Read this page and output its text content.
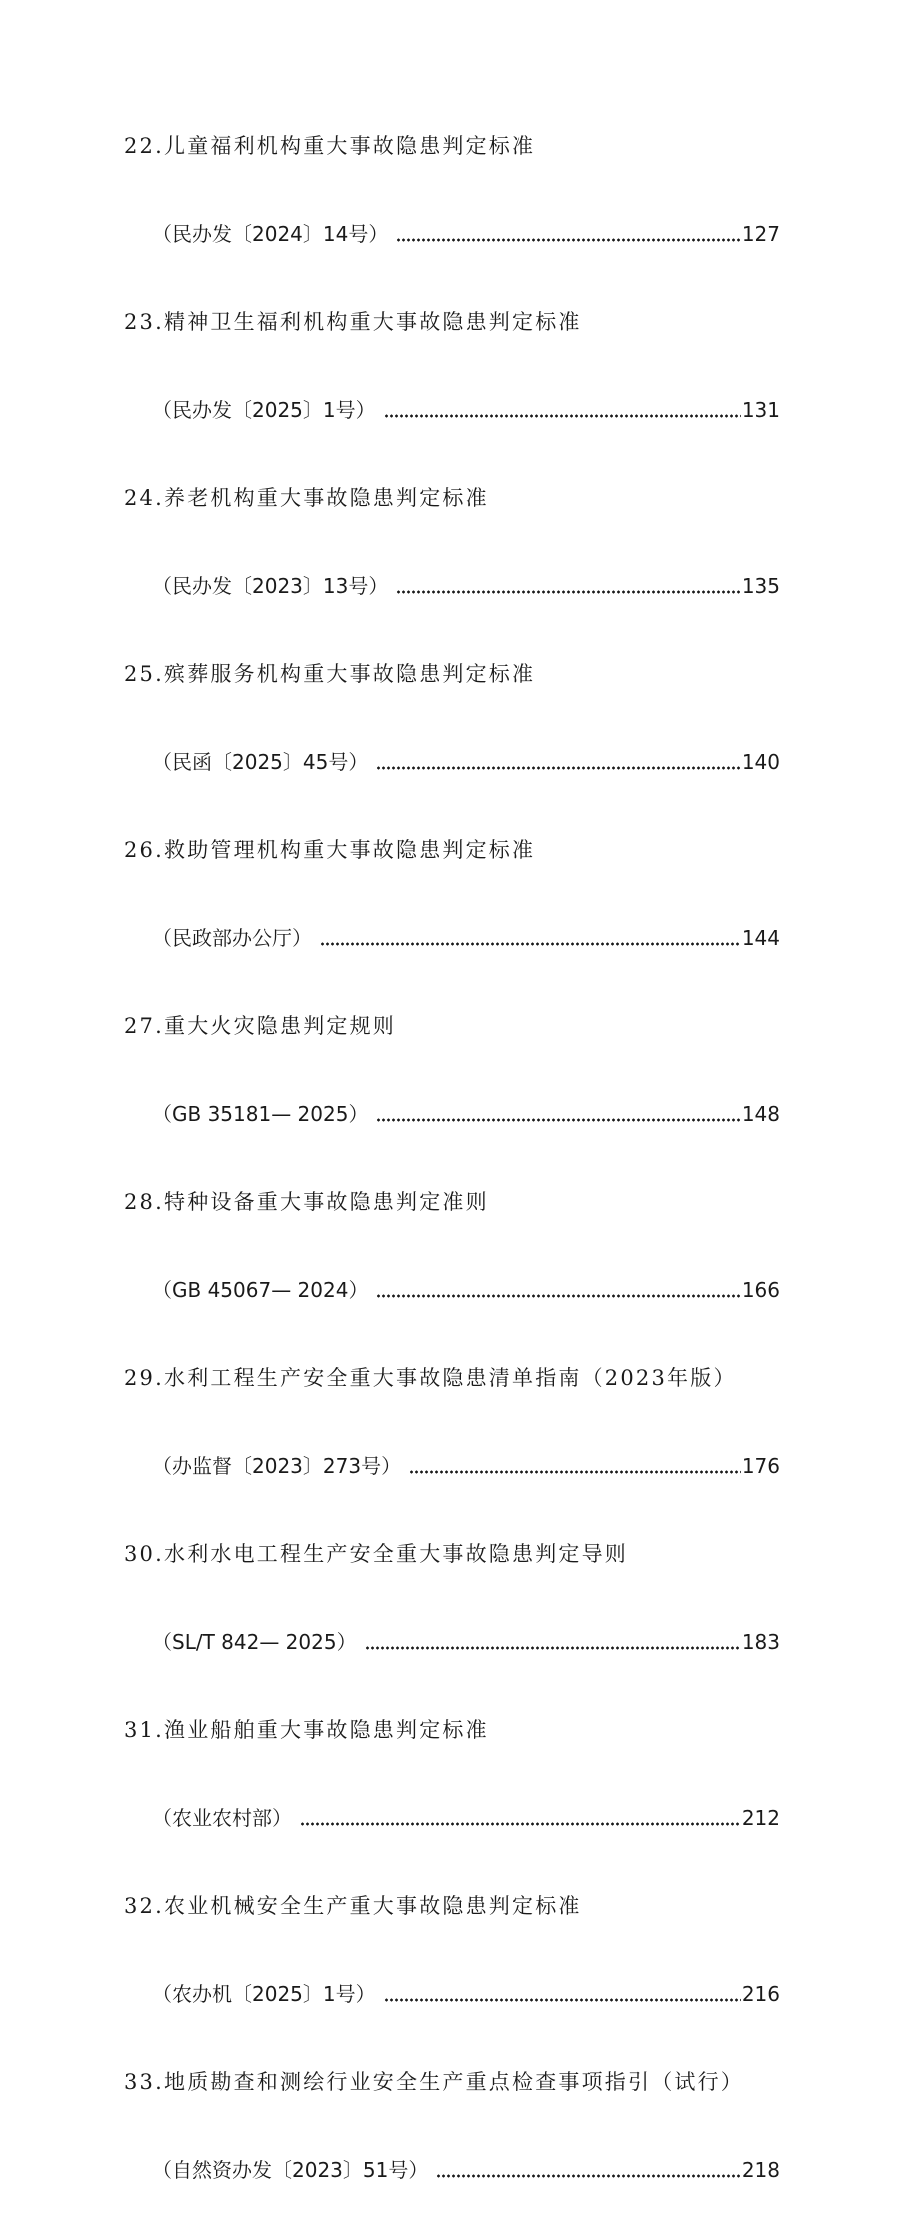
22.儿童福利机构重大事故隐患判定标准
（民办发〔2024〕14号）	127
23.精神卫生福利机构重大事故隐患判定标准
（民办发〔2025〕1号）	131
24.养老机构重大事故隐患判定标准
（民办发〔2023〕13号）	135
25.殡葬服务机构重大事故隐患判定标准
（民函〔2025〕45号）	140
26.救助管理机构重大事故隐患判定标准
（民政部办公厅）	144
27.重大火灾隐患判定规则
（GB 35181— 2025）	148
28.特种设备重大事故隐患判定准则
（GB 45067— 2024）	166
29.水利工程生产安全重大事故隐患清单指南（2023年版）
（办监督〔2023〕273号）	176
30.水利水电工程生产安全重大事故隐患判定导则
（SL/T 842— 2025）	183
31.渔业船舶重大事故隐患判定标准
（农业农村部）	212
32.农业机械安全生产重大事故隐患判定标准
（农办机〔2025〕1号）	216
33.地质勘查和测绘行业安全生产重点检查事项指引（试行）
（自然资办发〔2023〕51号）	218
